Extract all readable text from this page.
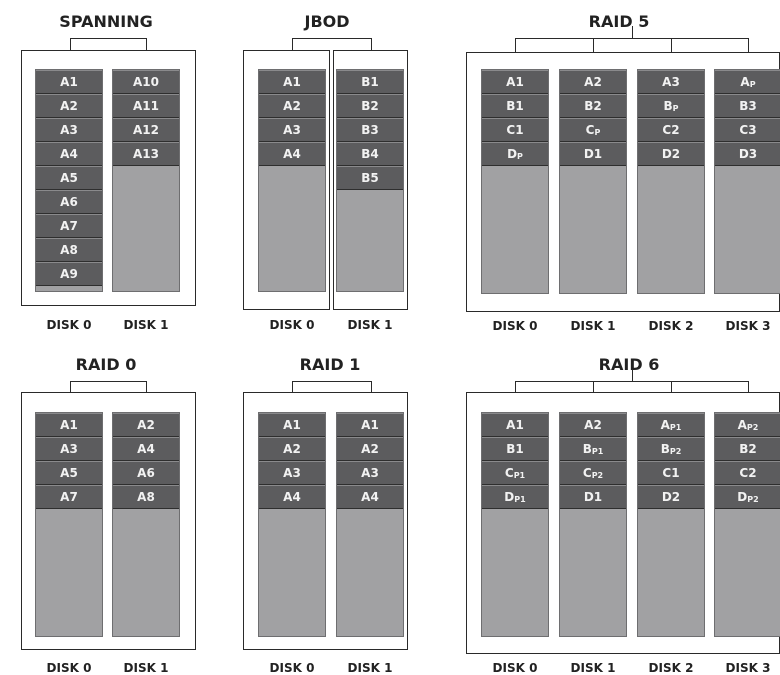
SPANNING
A1
A2
A3
A4
A5
A6
A7
A8
A9
DISK 0
A10
A11
A12
A13
DISK 1
JBOD
A1
A2
A3
A4
DISK 0
B1
B2
B3
B4
B5
DISK 1
RAID 5
A1
B1
C1
$D_P$
DISK 0
A2
B2
$C_P$
D1
DISK 1
A3
$B_P$
C2
D2
DISK 2
$A_P$
B3
C3
D3
DISK 3
RAID 0
A1
A3
A5
A7
DISK 0
A2
A4
A6
A8
DISK 1
RAID 1
A1
A2
A3
A4
DISK 0
A1
A2
A3
A4
DISK 1
RAID 6
A1
B1
$C_{P1}$
$D_{P1}$
DISK 0
A2
$B_{P1}$
$C_{P2}$
D1
DISK 1
$A_{P1}$
$B_{P2}$
C1
D2
DISK 2
$A_{P2}$
B2
C2
$D_{P2}$
DISK 3
